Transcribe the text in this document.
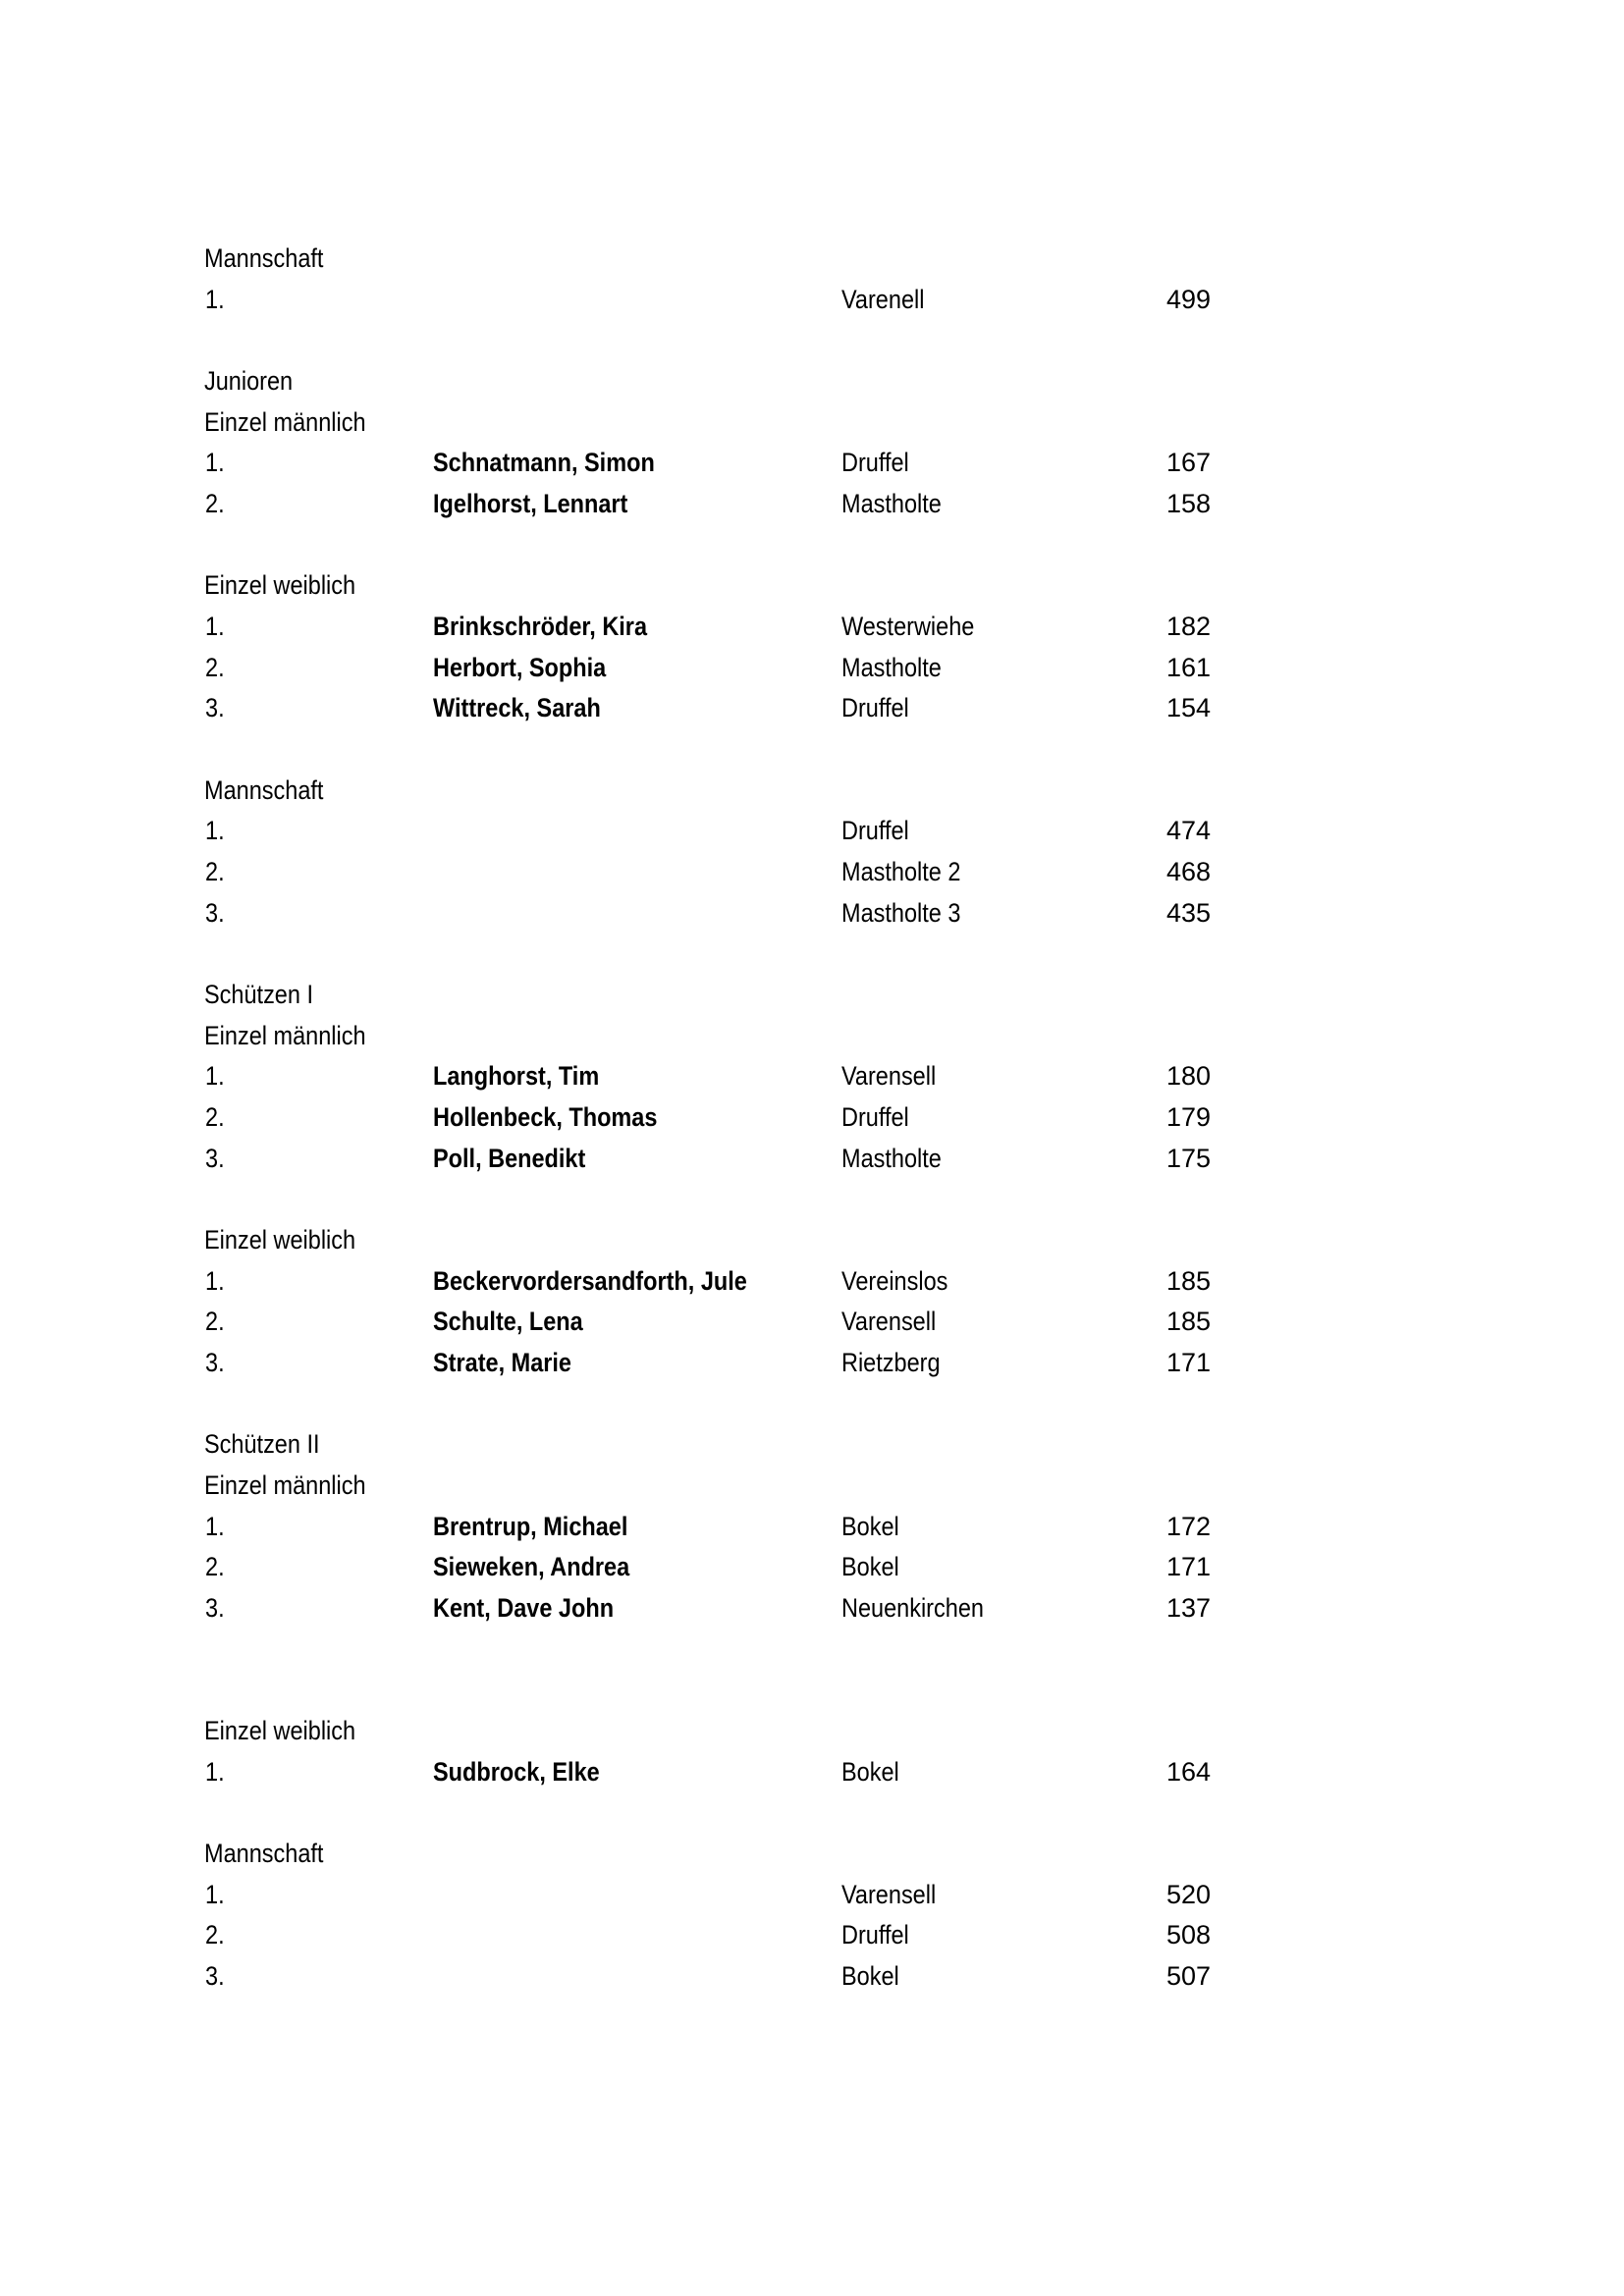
Mannschaft
1.	Varenell	499
Junioren
Einzel männlich
1.	Schnatmann, Simon	Druffel	167
2.	Igelhorst, Lennart	Mastholte	158
Einzel weiblich
1.	Brinkschröder, Kira	Westerwiehe	182
2.	Herbort, Sophia	Mastholte	161
3.	Wittreck, Sarah	Druffel	154
Mannschaft
1.	Druffel	474
2.	Mastholte 2	468
3.	Mastholte 3	435
Schützen I
Einzel männlich
1.	Langhorst, Tim	Varensell	180
2.	Hollenbeck, Thomas	Druffel	179
3.	Poll, Benedikt	Mastholte	175
Einzel weiblich
1.	Beckervordersandforth, Jule	Vereinslos	185
2.	Schulte, Lena	Varensell	185
3.	Strate, Marie	Rietzberg	171
Schützen II
Einzel männlich
1.	Brentrup, Michael	Bokel	172
2.	Sieweken, Andrea	Bokel	171
3.	Kent, Dave John	Neuenkirchen	137
Einzel weiblich
1.	Sudbrock, Elke	Bokel	164
Mannschaft
1.	Varensell	520
2.	Druffel	508
3.	Bokel	507
